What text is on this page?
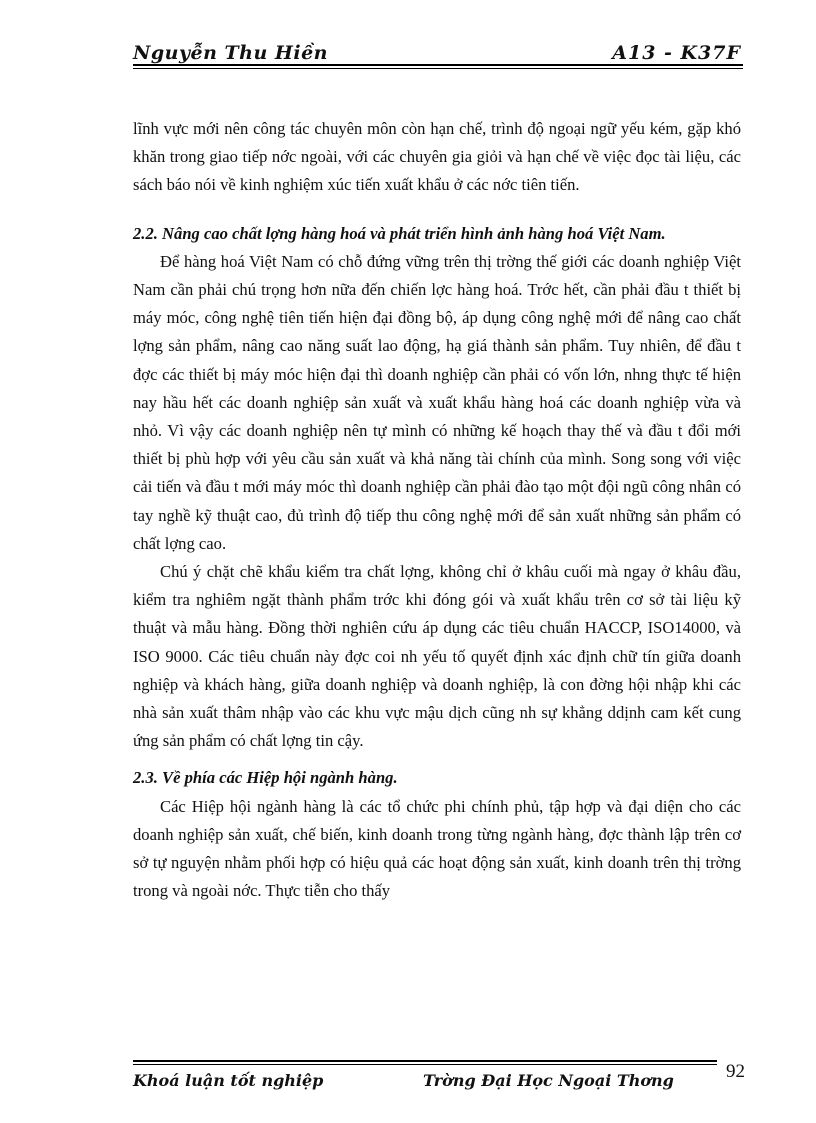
Nguyễn Thu Hiền	A13 - K37F

lĩnh vực mới nên công tác chuyên môn còn hạn chế, trình độ ngoại ngữ yếu kém, gặp khó khăn trong giao tiếp nớc ngoài, với các chuyên gia giỏi và hạn chế về việc đọc tài liệu, các sách báo nói về kinh nghiệm xúc tiến xuất khẩu ở các nớc tiên tiến.

2.2. Nâng cao chất lợng hàng hoá và phát triển hình ảnh hàng hoá Việt Nam.

Để hàng hoá Việt Nam có chỗ đứng vững trên thị trờng thế giới các doanh nghiệp Việt Nam cần phải chú trọng hơn nữa đến chiến lợc hàng hoá. Trớc hết, cần phải đầu t thiết bị máy móc, công nghệ tiên tiến hiện đại đồng bộ, áp dụng công nghệ mới để nâng cao chất lợng sản phẩm, nâng cao năng suất lao động, hạ giá thành sản phẩm. Tuy nhiên, để đầu t đợc các thiết bị máy móc hiện đại thì doanh nghiệp cần phải có vốn lớn, nhng thực tế hiện nay hầu hết các doanh nghiệp sản xuất và xuất khẩu hàng hoá các doanh nghiệp vừa và nhỏ. Vì vậy các doanh nghiệp nên tự mình có những kế hoạch thay thế và đầu t đổi mới thiết bị phù hợp với yêu cầu sản xuất và khả năng tài chính của mình. Song song với việc cải tiến và đầu t mới máy móc thì doanh nghiệp cần phải đào tạo một đội ngũ công nhân có tay nghề kỹ thuật cao, đủ trình độ tiếp thu công nghệ mới để sản xuất những sản phẩm có chất lợng cao.

Chú ý chặt chẽ khẩu kiểm tra chất lợng, không chỉ ở khâu cuối mà ngay ở khâu đầu, kiểm tra nghiêm ngặt thành phẩm trớc khi đóng gói và xuất khẩu trên cơ sở tài liệu kỹ thuật và mẫu hàng. Đồng thời nghiên cứu áp dụng các tiêu chuẩn HACCP, ISO14000, và ISO 9000. Các tiêu chuẩn này đợc coi nh yếu tố quyết định xác định chữ tín giữa doanh nghiệp và khách hàng, giữa doanh nghiệp và doanh nghiệp, là con đờng hội nhập khi các nhà sản xuất thâm nhập vào các khu vực mậu dịch cũng nh sự khẳng ddịnh cam kết cung ứng sản phẩm có chất lợng tin cậy.

2.3. Về phía các Hiệp hội ngành hàng.

Các Hiệp hội ngành hàng là các tổ chức phi chính phủ, tập hợp và đại diện cho các doanh nghiệp sản xuất, chế biến, kinh doanh trong từng ngành hàng, đợc thành lập trên cơ sở tự nguyện nhằm phối hợp có hiệu quả các hoạt động sản xuất, kinh doanh trên thị trờng trong và ngoài nớc. Thực tiễn cho thấy

Khoá luận tốt nghiệp	Trờng Đại Học Ngoại Thơng	92
